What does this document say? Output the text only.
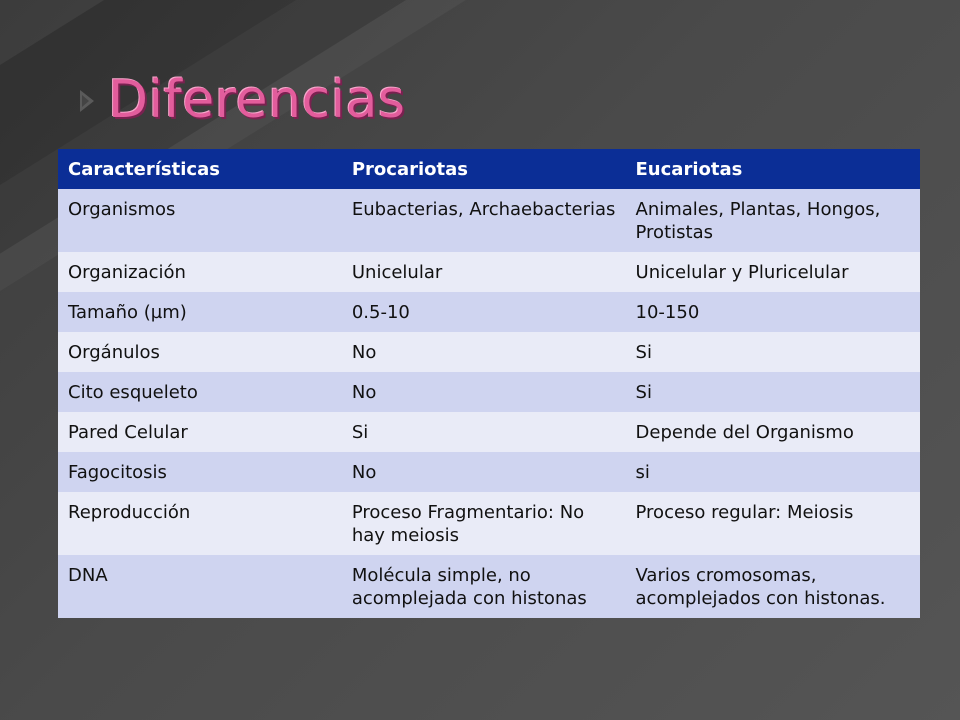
Diferencias
Características	Procariotas	Eucariotas
Organismos	Eubacterias, Archaebacterias	Animales, Plantas, Hongos, Protistas
Organización	Unicelular	Unicelular y Pluricelular
Tamaño (µm)	0.5-10	10-150
Orgánulos	No	Si
Cito esqueleto	No	Si
Pared Celular	Si	Depende del Organismo
Fagocitosis	No	si
Reproducción	Proceso Fragmentario: No hay meiosis	Proceso regular: Meiosis
DNA	Molécula simple, no acomplejada con histonas	Varios cromosomas, acomplejados con histonas.
